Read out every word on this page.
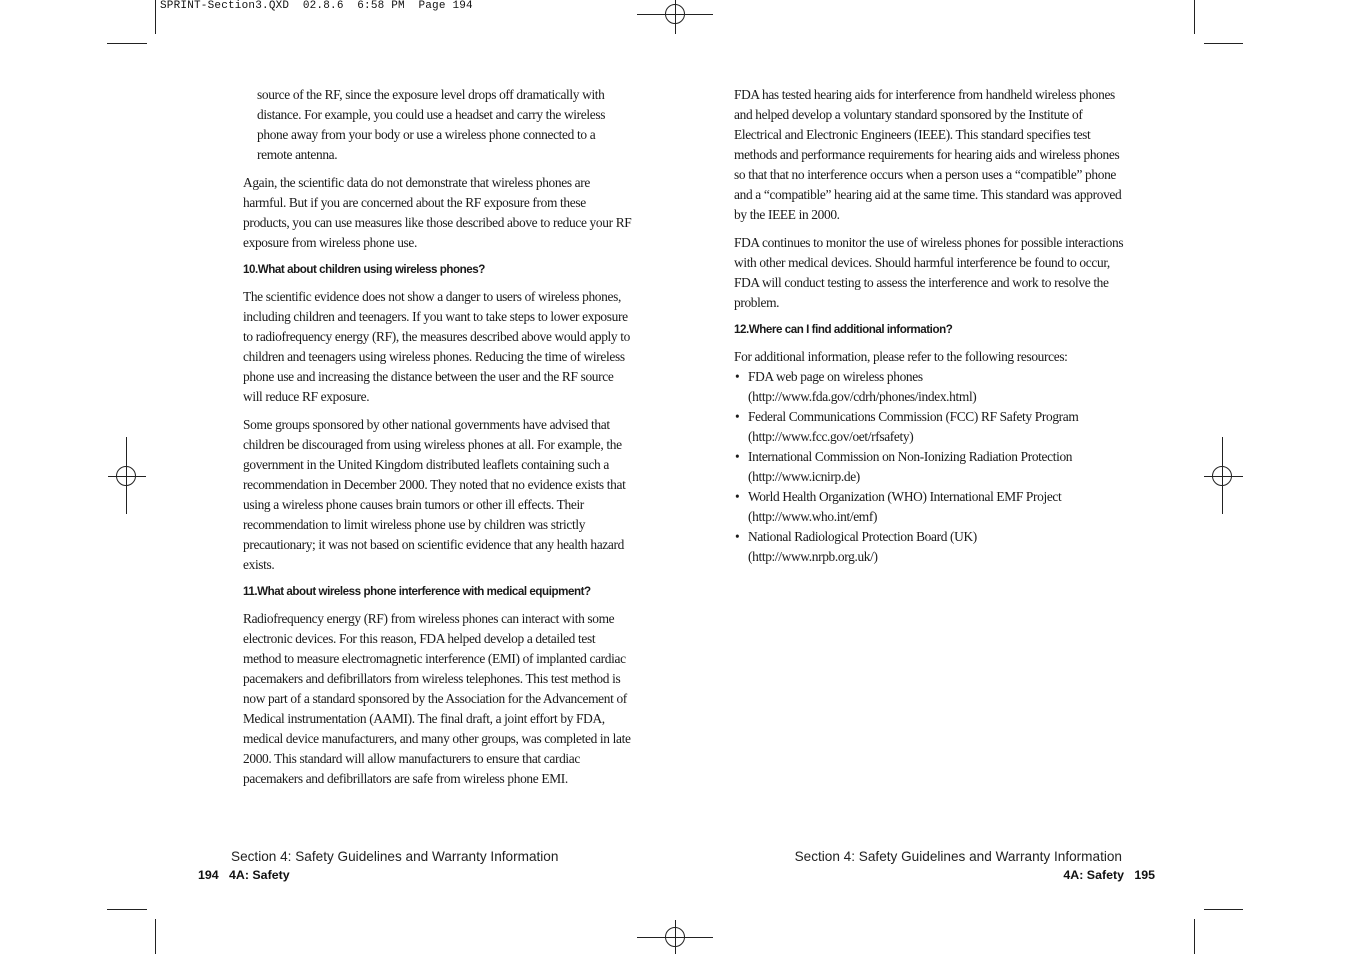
SPRINT-Section3.QXD  02.8.6  6:58 PM  Page 194

source of the RF, since the exposure level drops off dramatically with distance. For example, you could use a headset and carry the wireless phone away from your body or use a wireless phone connected to a remote antenna.

Again, the scientific data do not demonstrate that wireless phones are harmful. But if you are concerned about the RF exposure from these products, you can use measures like those described above to reduce your RF exposure from wireless phone use.

10.What about children using wireless phones?

The scientific evidence does not show a danger to users of wireless phones, including children and teenagers. If you want to take steps to lower exposure to radiofrequency energy (RF), the measures described above would apply to children and teenagers using wireless phones. Reducing the time of wireless phone use and increasing the distance between the user and the RF source will reduce RF exposure.

Some groups sponsored by other national governments have advised that children be discouraged from using wireless phones at all. For example, the government in the United Kingdom distributed leaflets containing such a recommendation in December 2000. They noted that no evidence exists that using a wireless phone causes brain tumors or other ill effects. Their recommendation to limit wireless phone use by children was strictly precautionary; it was not based on scientific evidence that any health hazard exists.

11.What about wireless phone interference with medical equipment?

Radiofrequency energy (RF) from wireless phones can interact with some electronic devices. For this reason, FDA helped develop a detailed test method to measure electromagnetic interference (EMI) of implanted cardiac pacemakers and defibrillators from wireless telephones. This test method is now part of a standard sponsored by the Association for the Advancement of Medical instrumentation (AAMI). The final draft, a joint effort by FDA, medical device manufacturers, and many other groups, was completed in late 2000. This standard will allow manufacturers to ensure that cardiac pacemakers and defibrillators are safe from wireless phone EMI.

Section 4: Safety Guidelines and Warranty Information
194   4A: Safety

FDA has tested hearing aids for interference from handheld wireless phones and helped develop a voluntary standard sponsored by the Institute of Electrical and Electronic Engineers (IEEE). This standard specifies test methods and performance requirements for hearing aids and wireless phones so that that no interference occurs when a person uses a “compatible” phone and a “compatible” hearing aid at the same time. This standard was approved by the IEEE in 2000.

FDA continues to monitor the use of wireless phones for possible interactions with other medical devices. Should harmful interference be found to occur, FDA will conduct testing to assess the interference and work to resolve the problem.

12.Where can I find additional information?

For additional information, please refer to the following resources:

• FDA web page on wireless phones
(http://www.fda.gov/cdrh/phones/index.html)
• Federal Communications Commission (FCC) RF Safety Program
(http://www.fcc.gov/oet/rfsafety)
• International Commission on Non-Ionizing Radiation Protection
(http://www.icnirp.de)
• World Health Organization (WHO) International EMF Project
(http://www.who.int/emf)
• National Radiological Protection Board (UK)
(http://www.nrpb.org.uk/)
Section 4: Safety Guidelines and Warranty Information
4A: Safety   195
